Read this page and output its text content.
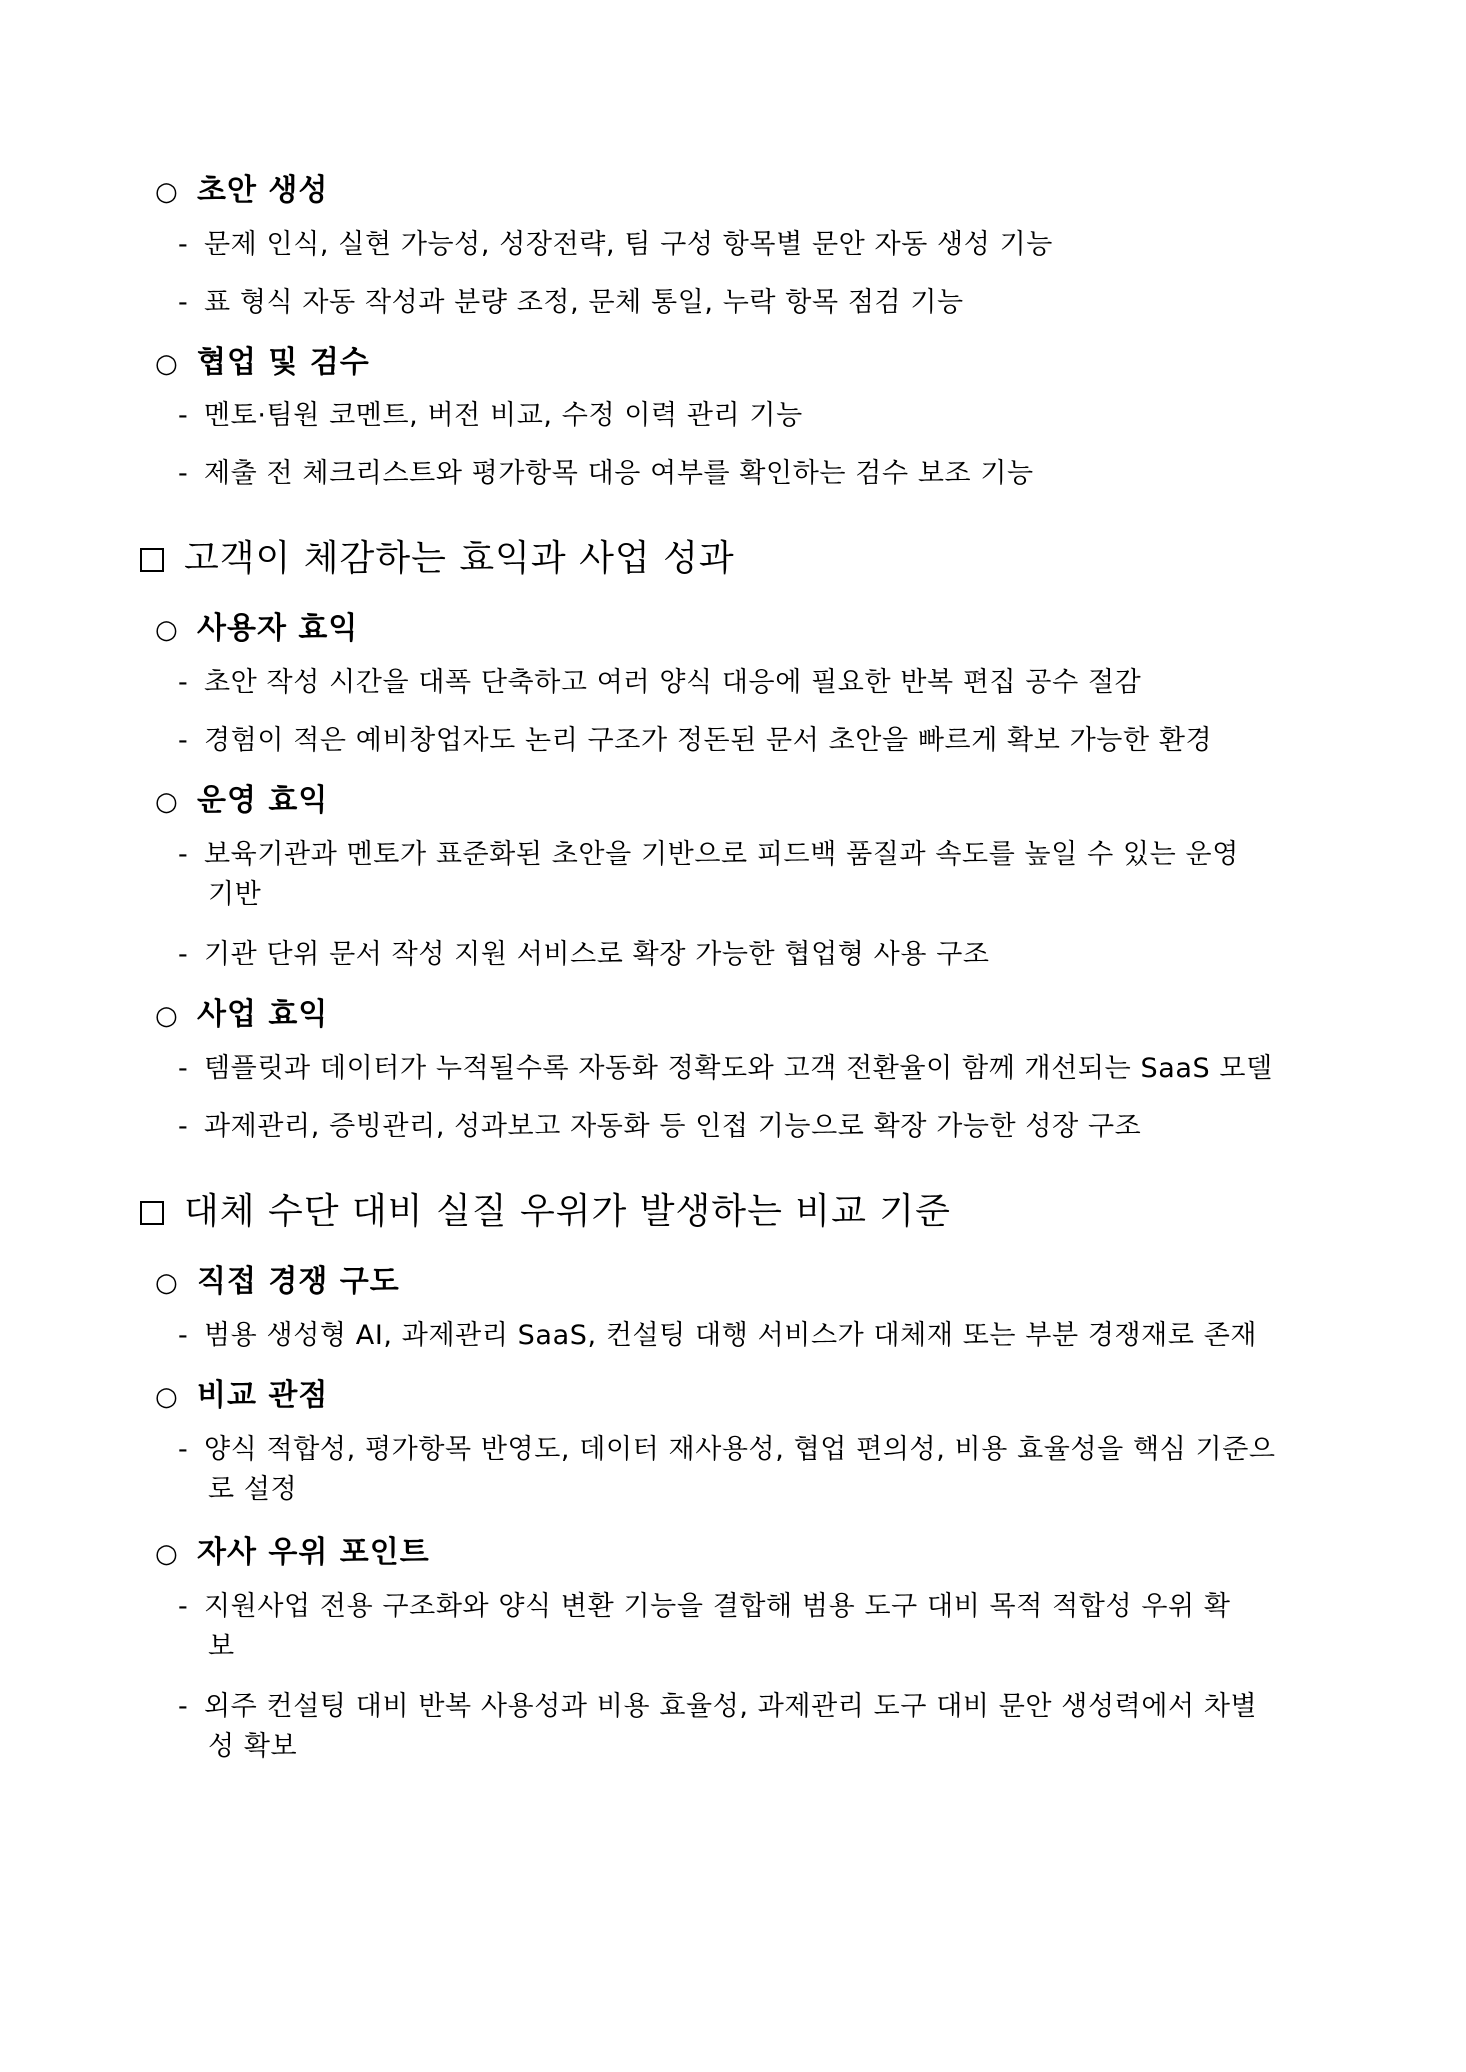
○ 초안 생성
- 문제 인식, 실현 가능성, 성장전략, 팀 구성 항목별 문안 자동 생성 기능
- 표 형식 자동 작성과 분량 조정, 문체 통일, 누락 항목 점검 기능
○ 협업 및 검수
- 멘토·팀원 코멘트, 버전 비교, 수정 이력 관리 기능
- 제출 전 체크리스트와 평가항목 대응 여부를 확인하는 검수 보조 기능
고객이 체감하는 효익과 사업 성과
○ 사용자 효익
- 초안 작성 시간을 대폭 단축하고 여러 양식 대응에 필요한 반복 편집 공수 절감
- 경험이 적은 예비창업자도 논리 구조가 정돈된 문서 초안을 빠르게 확보 가능한 환경
○ 운영 효익
- 보육기관과 멘토가 표준화된 초안을 기반으로 피드백 품질과 속도를 높일 수 있는 운영
기반
- 기관 단위 문서 작성 지원 서비스로 확장 가능한 협업형 사용 구조
○ 사업 효익
- 템플릿과 데이터가 누적될수록 자동화 정확도와 고객 전환율이 함께 개선되는 SaaS 모델
- 과제관리, 증빙관리, 성과보고 자동화 등 인접 기능으로 확장 가능한 성장 구조
대체 수단 대비 실질 우위가 발생하는 비교 기준
○ 직접 경쟁 구도
- 범용 생성형 AI, 과제관리 SaaS, 컨설팅 대행 서비스가 대체재 또는 부분 경쟁재로 존재
○ 비교 관점
- 양식 적합성, 평가항목 반영도, 데이터 재사용성, 협업 편의성, 비용 효율성을 핵심 기준으
로 설정
○ 자사 우위 포인트
- 지원사업 전용 구조화와 양식 변환 기능을 결합해 범용 도구 대비 목적 적합성 우위 확
보
- 외주 컨설팅 대비 반복 사용성과 비용 효율성, 과제관리 도구 대비 문안 생성력에서 차별
성 확보
